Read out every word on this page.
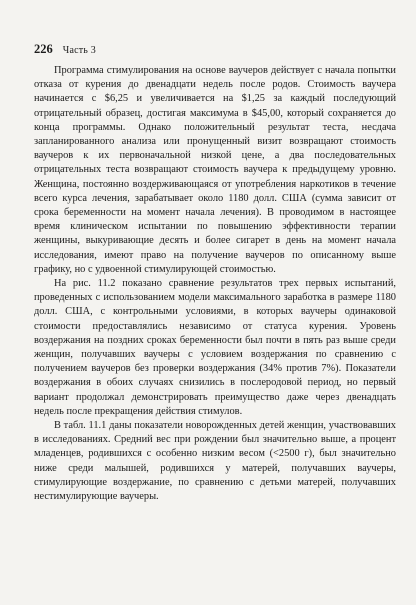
226 Часть 3

Программа стимулирования на основе ваучеров действует с начала попытки отказа от курения до двенадцати недель после родов. Стоимость ваучера начинается с $6,25 и увеличивается на $1,25 за каждый последующий отрицательный образец, достигая максимума в $45,00, который сохраняется до конца программы. Однако положительный результат теста, несдача запланированного анализа или пронущенный визит возвращают стоимость ваучеров к их первоначальной низкой цене, а два последовательных отрицательных теста возвращают стоимость ваучера к предыдущему уровню. Женщина, постоянно воздерживающаяся от употребления наркотиков в течение всего курса лечения, зарабатывает около 1180 долл. США (сумма зависит от срока беременности на момент начала лечения). В проводимом в настоящее время клиническом испытании по повышению эффективности терапии женщины, выкуривающие десять и более сигарет в день на момент начала исследования, имеют право на получение ваучеров по описанному выше графику, но с удвоенной стимулирующей стоимостью.

На рис. 11.2 показано сравнение результатов трех первых испытаний, проведенных с использованием модели максимального заработка в размере 1180 долл. США, с контрольными условиями, в которых ваучеры одинаковой стоимости предоставлялись независимо от статуса курения. Уровень воздержания на поздних сроках беременности был почти в пять раз выше среди женщин, получавших ваучеры с условием воздержания по сравнению с получением ваучеров без проверки воздержания (34% против 7%). Показатели воздержания в обоих случаях снизились в послеродовой период, но первый вариант продолжал демонстрировать преимущество даже через двенадцать недель после прекращения действия стимулов.

В табл. 11.1 даны показатели новорожденных детей женщин, участвовавших в исследованиях. Средний вес при рождении был значительно выше, а процент младенцев, родившихся с особенно низким весом (<2500 г), был значительно ниже среди малышей, родившихся у матерей, получавших ваучеры, стимулирующие воздержание, по сравнению с детьми матерей, получавших нестимулирующие ваучеры.
